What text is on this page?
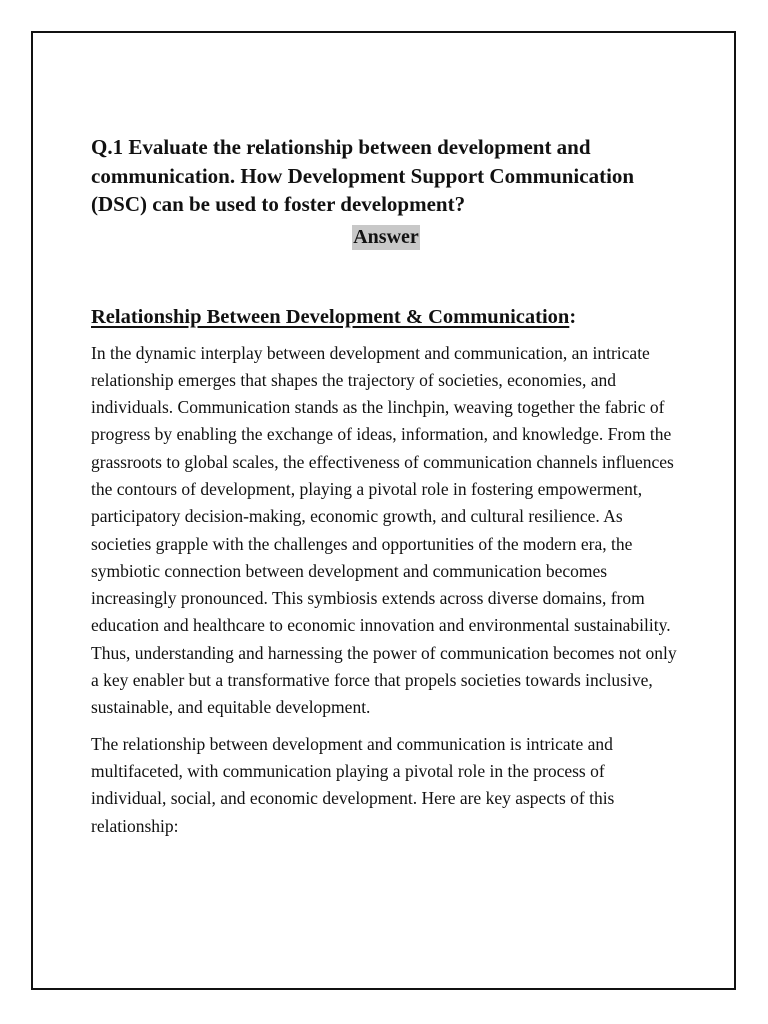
Q.1 Evaluate the relationship between development and communication. How Development Support Communication (DSC) can be used to foster development?

Answer
Relationship Between Development & Communication:

In the dynamic interplay between development and communication, an intricate relationship emerges that shapes the trajectory of societies, economies, and individuals. Communication stands as the linchpin, weaving together the fabric of progress by enabling the exchange of ideas, information, and knowledge. From the grassroots to global scales, the effectiveness of communication channels influences the contours of development, playing a pivotal role in fostering empowerment, participatory decision-making, economic growth, and cultural resilience. As societies grapple with the challenges and opportunities of the modern era, the symbiotic connection between development and communication becomes increasingly pronounced. This symbiosis extends across diverse domains, from education and healthcare to economic innovation and environmental sustainability. Thus, understanding and harnessing the power of communication becomes not only a key enabler but a transformative force that propels societies towards inclusive, sustainable, and equitable development.

The relationship between development and communication is intricate and multifaceted, with communication playing a pivotal role in the process of individual, social, and economic development. Here are key aspects of this relationship:
